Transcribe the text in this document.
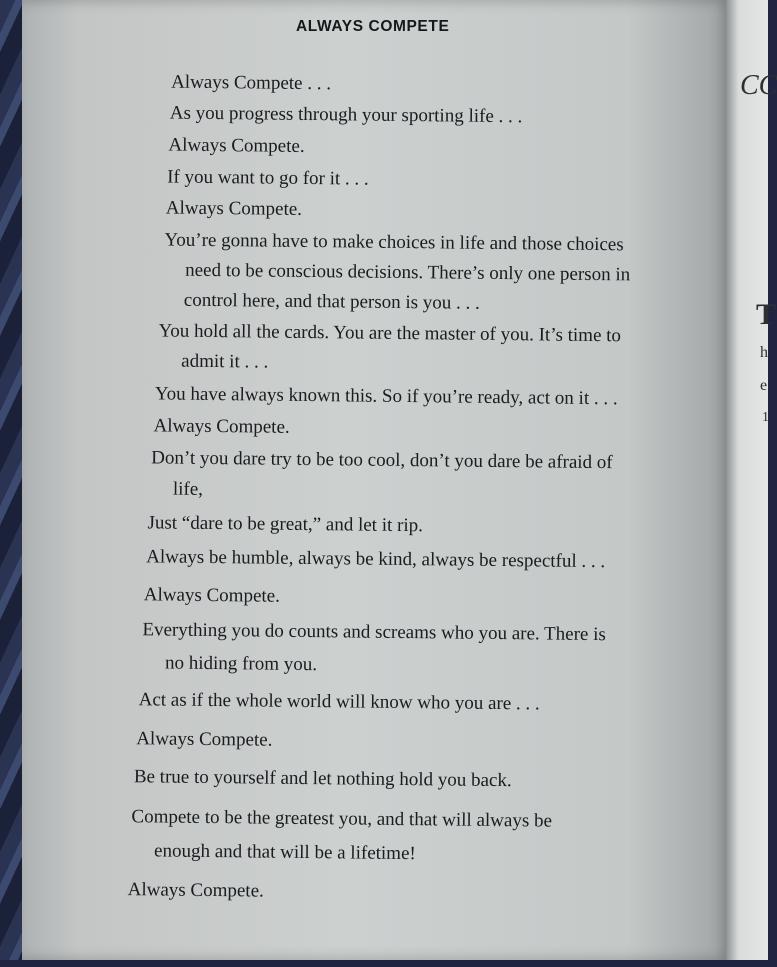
ALWAYS COMPETE
Always Compete . . .
As you progress through your sporting life . . .
Always Compete.
If you want to go for it . . .
Always Compete.
You’re gonna have to make choices in life and those choices
need to be conscious decisions. There’s only one person in
control here, and that person is you . . .
You hold all the cards. You are the master of you. It’s time to
admit it . . .
You have always known this. So if you’re ready, act on it . . .
Always Compete.
Don’t you dare try to be too cool, don’t you dare be afraid of
life,
Just “dare to be great,” and let it rip.
Always be humble, always be kind, always be respectful . . .
Always Compete.
Everything you do counts and screams who you are. There is
no hiding from you.
Act as if the whole world will know who you are . . .
Always Compete.
Be true to yourself and let nothing hold you back.
Compete to be the greatest you, and that will always be
enough and that will be a lifetime!
Always Compete.
CC
T
h
e
1
